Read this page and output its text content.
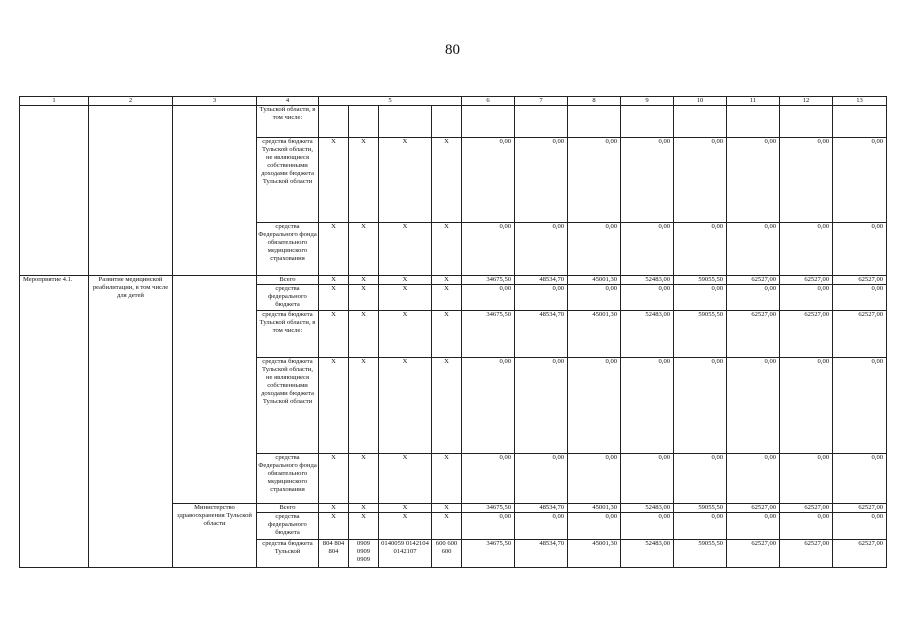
80
1	2	3	4	5				6	7	8	9	10	11	12	13
			Тульской области, в том числе:												
			средства бюджета Тульской области, не являющиеся собственными доходами бюджета Тульской области	X	X	X	X	0,00	0,00	0,00	0,00	0,00	0,00	0,00	0,00
			средства Федерального фонда обязательного медицинского страхования	X	X	X	X	0,00	0,00	0,00	0,00	0,00	0,00	0,00	0,00
Мероприятие 4.1.	Развитие медицинской реабилитации, в том числе для детей		Всего	X	X	X	X	34675,50	48534,70	45001,30	52483,00	59055,50	62527,00	62527,00	62527,00
			средства федерального бюджета	X	X	X	X	0,00	0,00	0,00	0,00	0,00	0,00	0,00	0,00
			средства бюджета Тульской области, в том числе:	X	X	X	X	34675,50	48534,70	45001,30	52483,00	59055,50	62527,00	62527,00	62527,00
			средства бюджета Тульской области, не являющиеся собственными доходами бюджета Тульской области	X	X	X	X	0,00	0,00	0,00	0,00	0,00	0,00	0,00	0,00
			средства Федерального фонда обязательного медицинского страхования	X	X	X	X	0,00	0,00	0,00	0,00	0,00	0,00	0,00	0,00
		Министерство здравоохранения Тульской области	Всего	X	X	X	X	34675,50	48534,70	45001,30	52483,00	59055,50	62527,00	62527,00	62527,00
			средства федерального бюджета	X	X	X	X	0,00	0,00	0,00	0,00	0,00	0,00	0,00	0,00
			средства бюджета Тульской	804 804 804	0909 0909 0909	0140059 0142104 0142107	600 600 600	34675,50	48534,70	45001,30	52483,00	59055,50	62527,00	62527,00	62527,00
